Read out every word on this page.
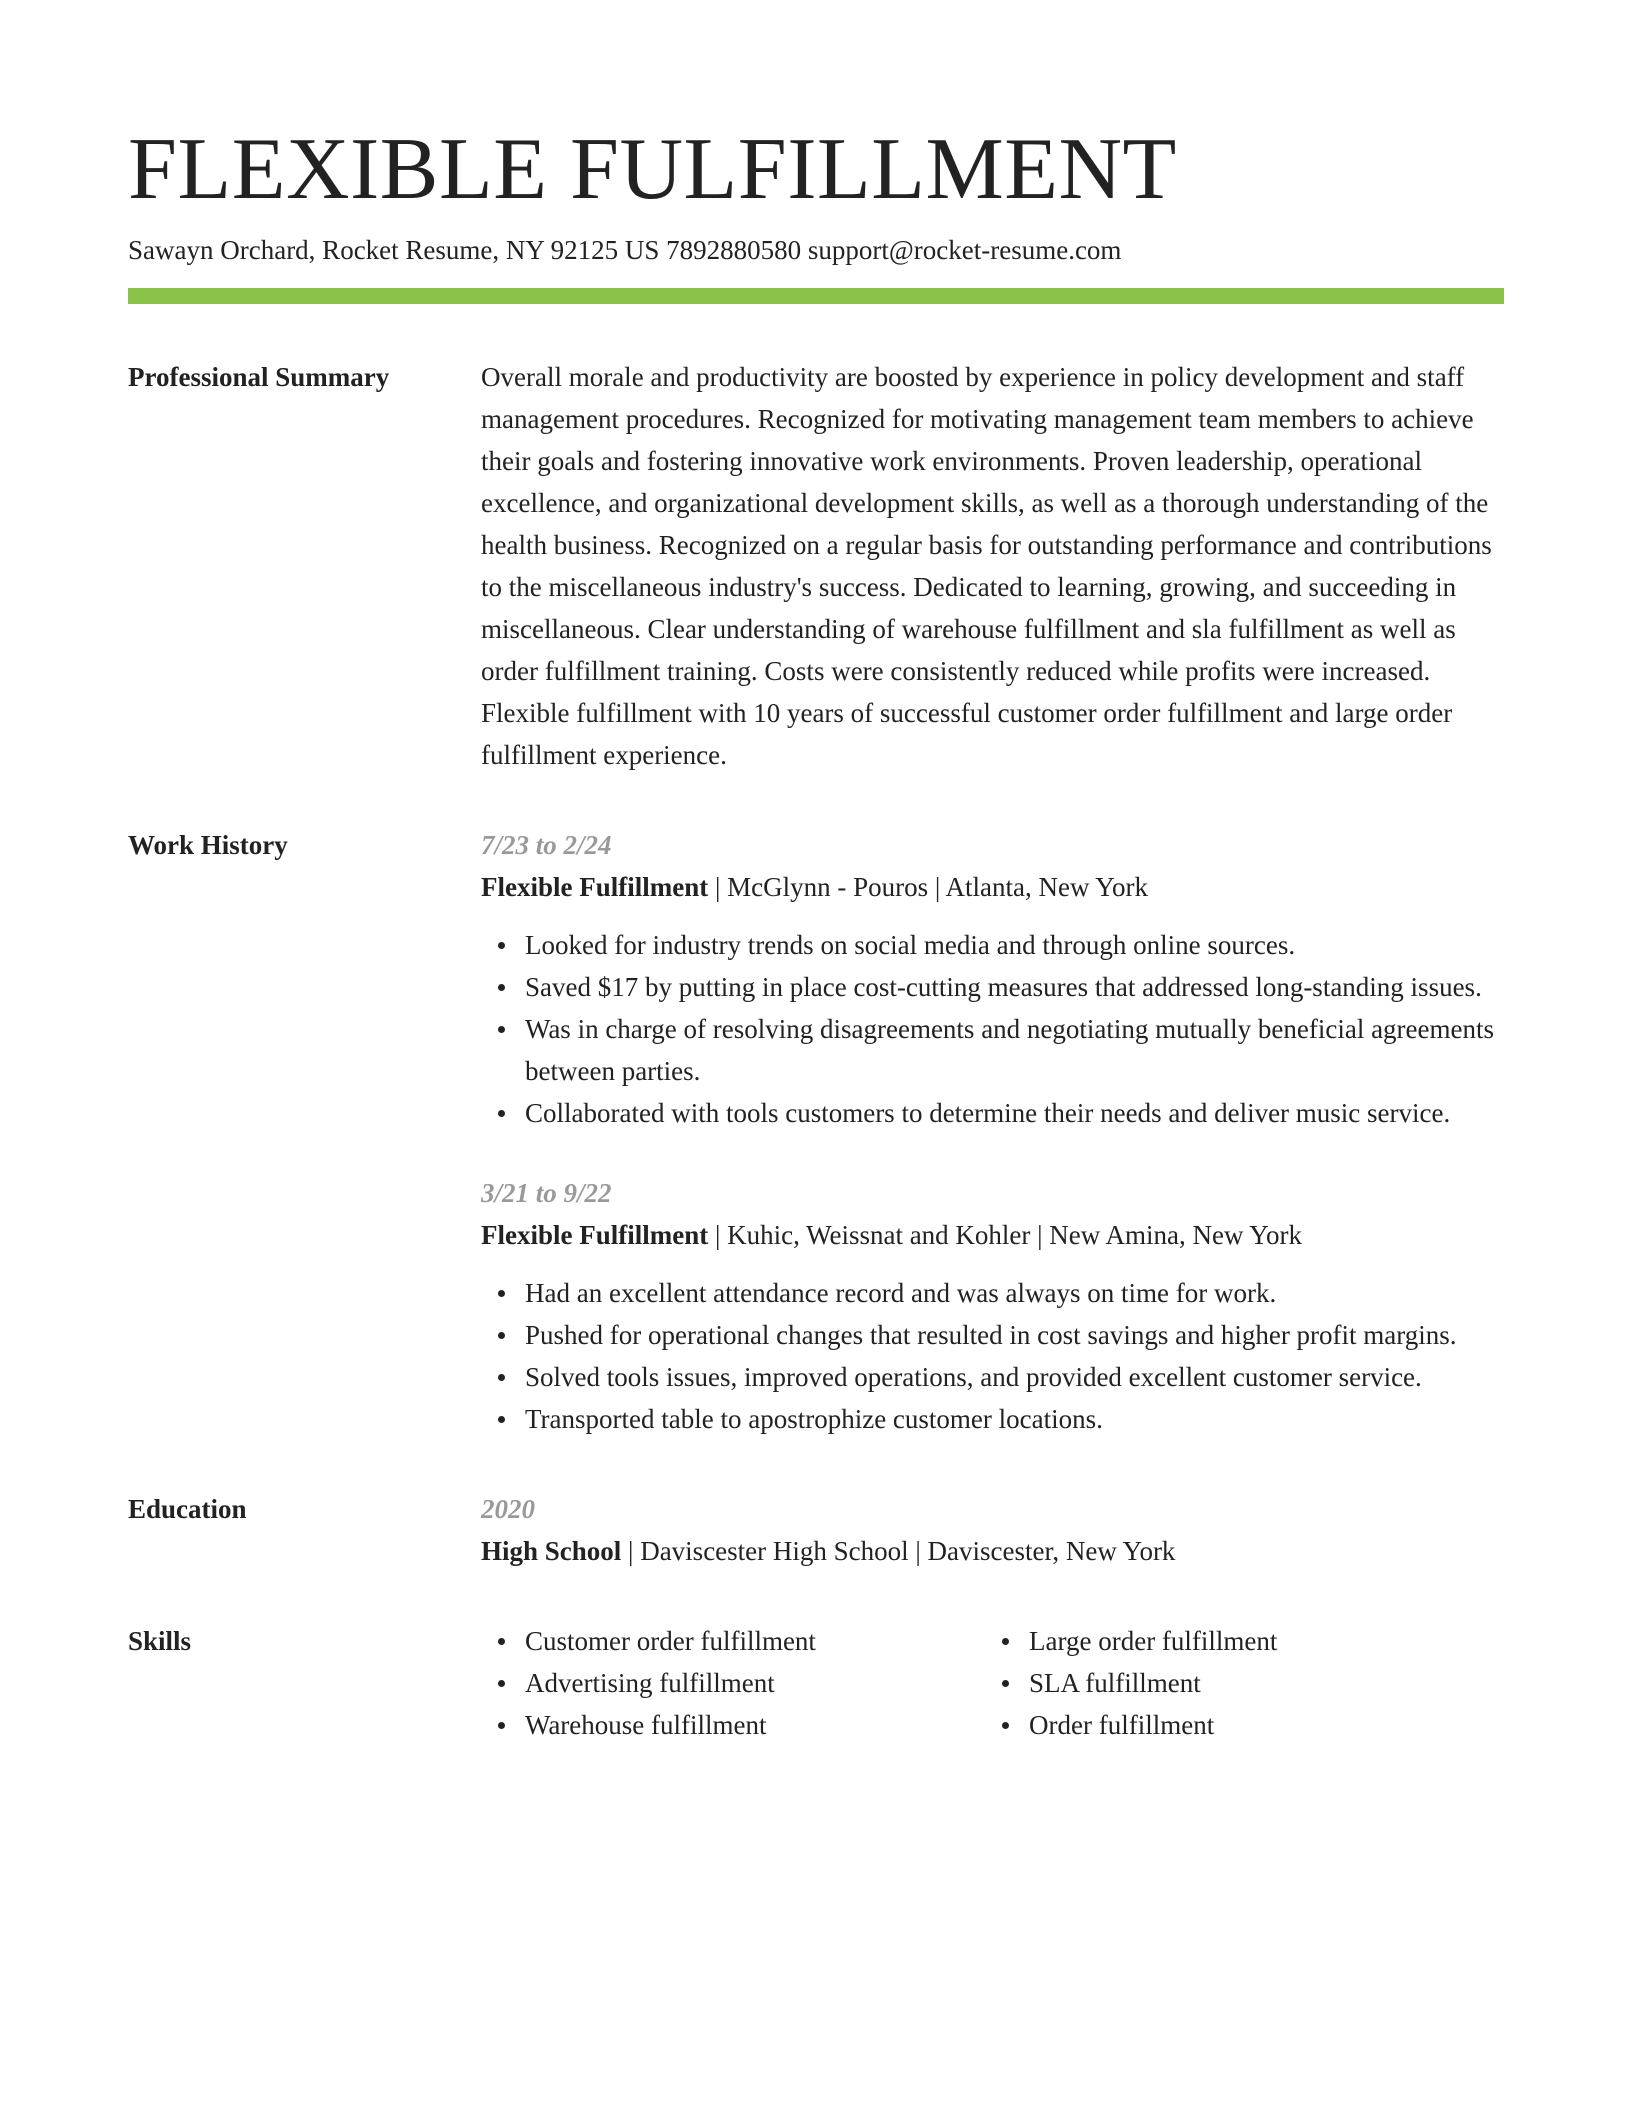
FLEXIBLE FULFILLMENT
Sawayn Orchard, Rocket Resume, NY 92125 US 7892880580 support@rocket-resume.com
Professional Summary	Overall morale and productivity are boosted by experience in policy development and staff management procedures. Recognized for motivating management team members to achieve their goals and fostering innovative work environments. Proven leadership, operational excellence, and organizational development skills, as well as a thorough understanding of the health business. Recognized on a regular basis for outstanding performance and contributions to the miscellaneous industry's success. Dedicated to learning, growing, and succeeding in miscellaneous. Clear understanding of warehouse fulfillment and sla fulfillment as well as order fulfillment training. Costs were consistently reduced while profits were increased. Flexible fulfillment with 10 years of successful customer order fulfillment and large order fulfillment experience.

Work History	7/23 to 2/24
Flexible Fulfillment | McGlynn - Pouros | Atlanta, New York
Looked for industry trends on social media and through online sources.
Saved $17 by putting in place cost-cutting measures that addressed long-standing issues.
Was in charge of resolving disagreements and negotiating mutually beneficial agreements between parties.
Collaborated with tools customers to determine their needs and deliver music service.
3/21 to 9/22
Flexible Fulfillment | Kuhic, Weissnat and Kohler | New Amina, New York
Had an excellent attendance record and was always on time for work.
Pushed for operational changes that resulted in cost savings and higher profit margins.
Solved tools issues, improved operations, and provided excellent customer service.
Transported table to apostrophize customer locations.
Education	2020
High School | Daviscester High School | Daviscester, New York
Skills	Customer order fulfillment
Advertising fulfillment
Warehouse fulfillment
Large order fulfillment
SLA fulfillment
Order fulfillment
